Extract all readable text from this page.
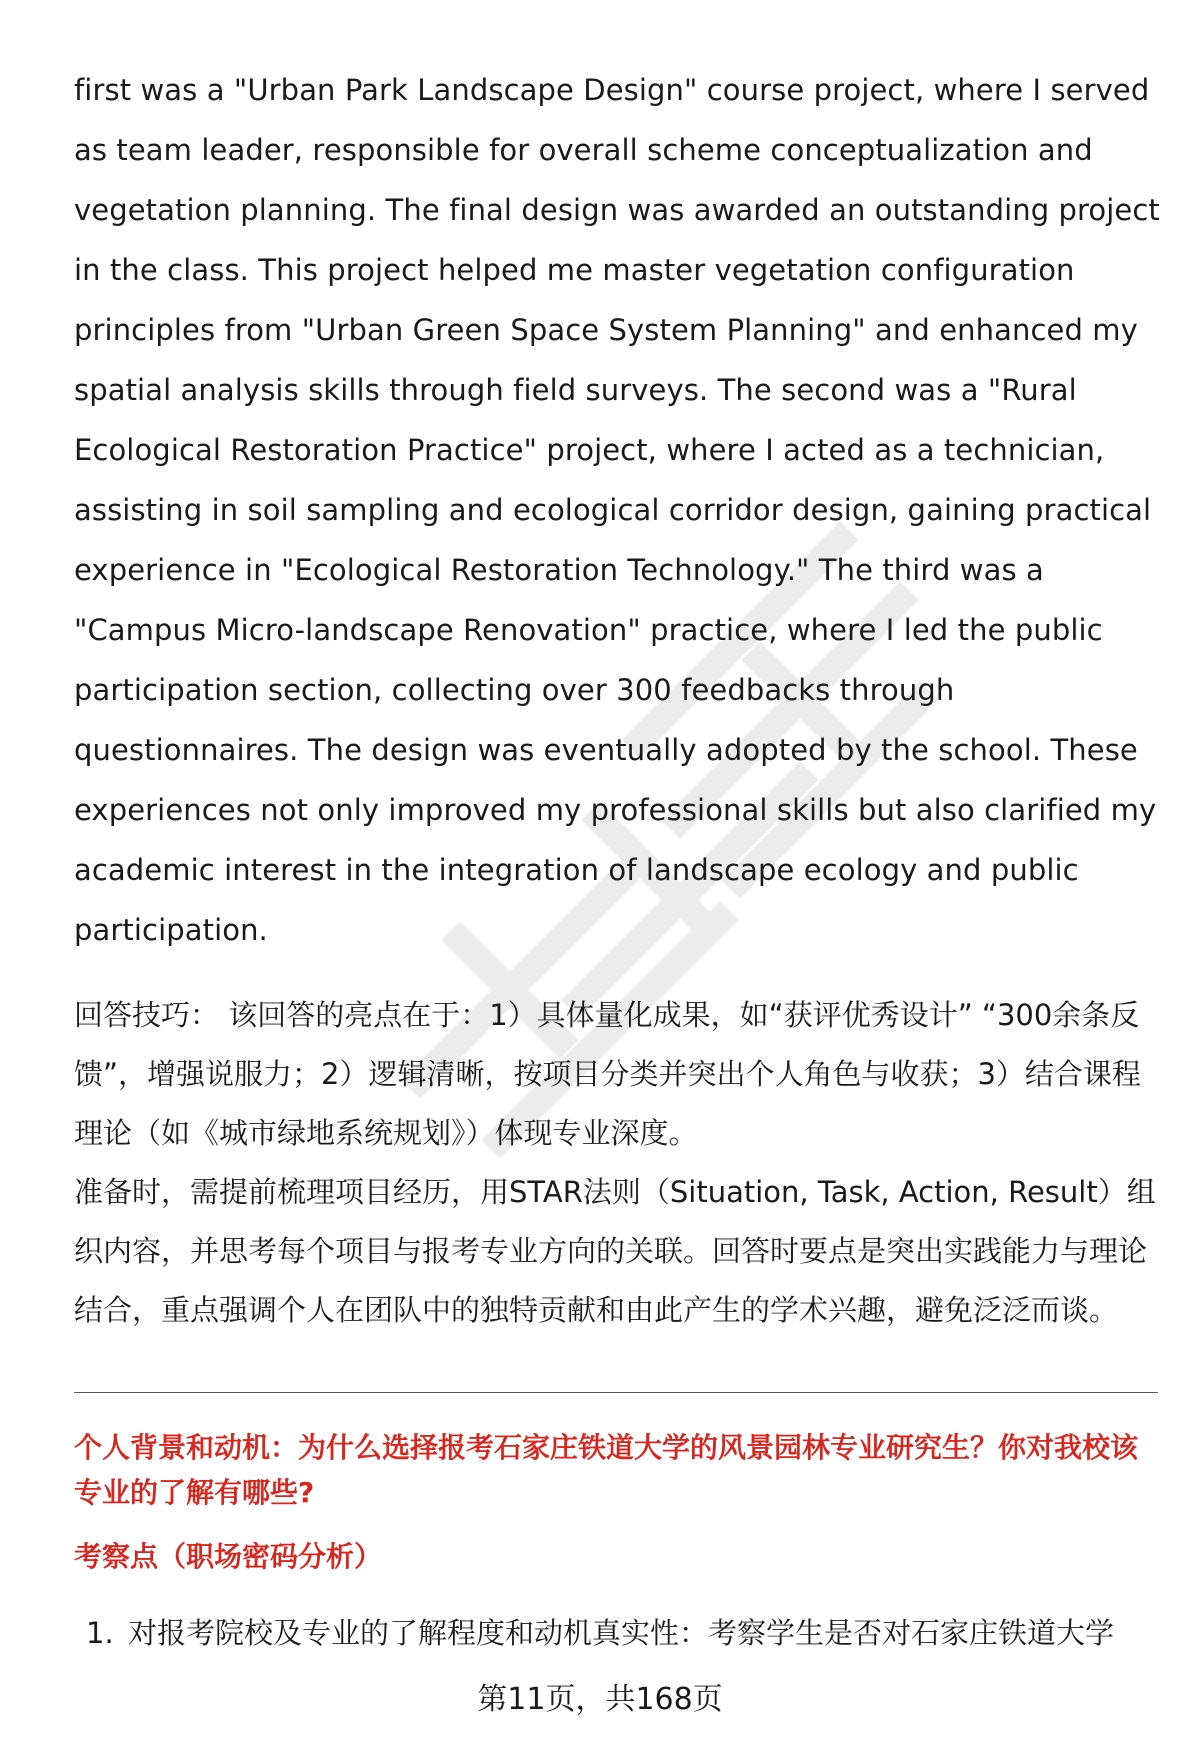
first was a "Urban Park Landscape Design" course project, where I served as team leader, responsible for overall scheme conceptualization and vegetation planning. The final design was awarded an outstanding project in the class. This project helped me master vegetation configuration principles from "Urban Green Space System Planning" and enhanced my spatial analysis skills through field surveys. The second was a "Rural Ecological Restoration Practice" project, where I acted as a technician, assisting in soil sampling and ecological corridor design, gaining practical experience in "Ecological Restoration Technology." The third was a "Campus Micro-landscape Renovation" practice, where I led the public participation section, collecting over 300 feedbacks through questionnaires. The design was eventually adopted by the school. These experiences not only improved my professional skills but also clarified my academic interest in the integration of landscape ecology and public participation.

回答技巧： 该回答的亮点在于：1）具体量化成果，如“获评优秀设计” “300余条反馈”，增强说服力；2）逻辑清晰，按项目分类并突出个人角色与收获；3）结合课程理论（如《城市绿地系统规划》）体现专业深度。

准备时，需提前梳理项目经历，用STAR法则（Situation, Task, Action, Result）组织内容，并思考每个项目与报考专业方向的关联。回答时要点是突出实践能力与理论结合，重点强调个人在团队中的独特贡献和由此产生的学术兴趣，避免泛泛而谈。

个人背景和动机：为什么选择报考石家庄铁道大学的风景园林专业研究生？你对我校该专业的了解有哪些?

考察点（职场密码分析）

1. 对报考院校及专业的了解程度和动机真实性：考察学生是否对石家庄铁道大学
第11页，共168页
